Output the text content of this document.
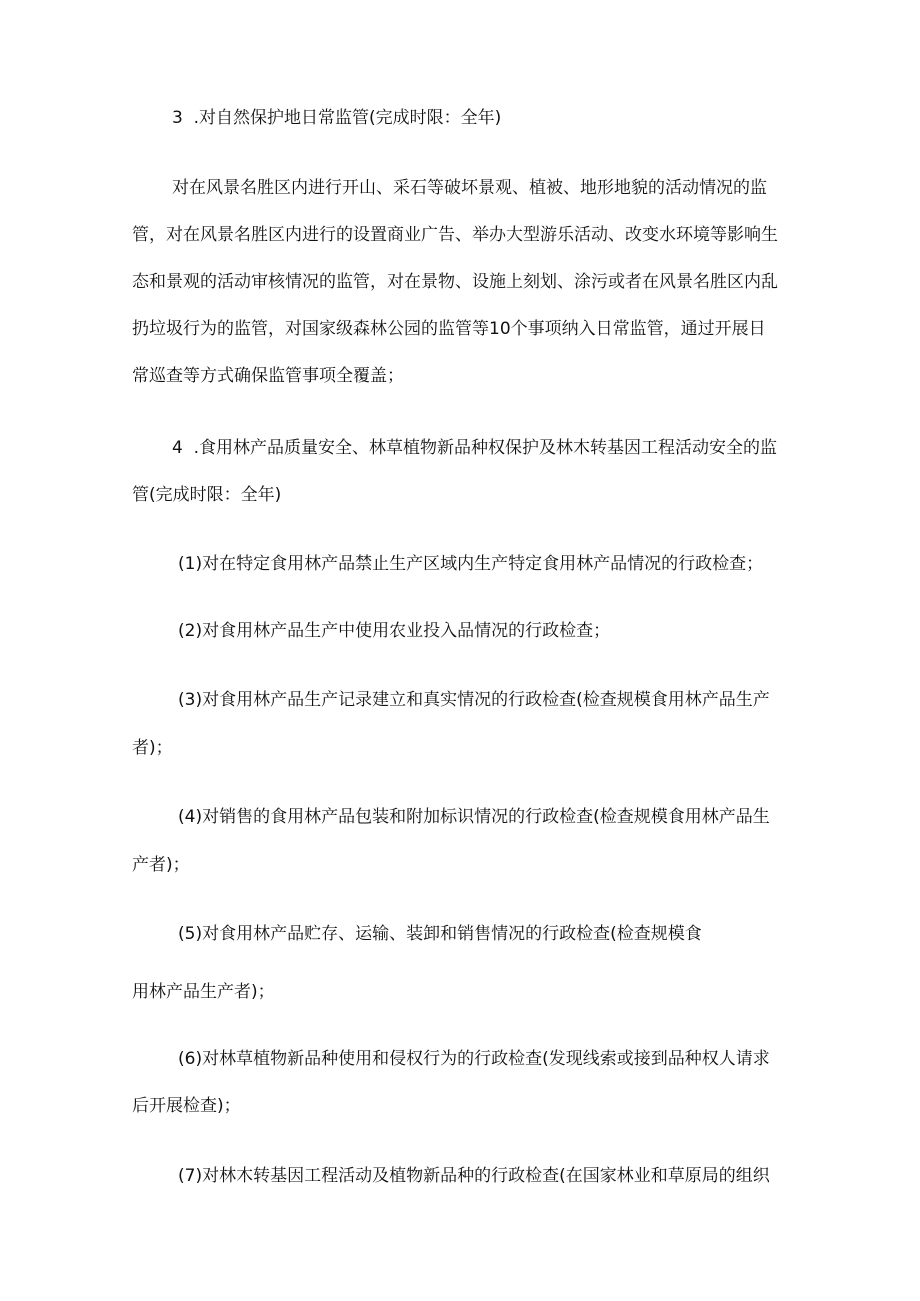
3 .对自然保护地日常监管(完成时限：全年)
对在风景名胜区内进行开山、采石等破坏景观、植被、地形地貌的活动情况的监
管，对在风景名胜区内进行的设置商业广告、举办大型游乐活动、改变水环境等影响生
态和景观的活动审核情况的监管，对在景物、设施上刻划、涂污或者在风景名胜区内乱
扔垃圾行为的监管，对国家级森林公园的监管等10个事项纳入日常监管，通过开展日
常巡查等方式确保监管事项全覆盖；
4 .食用林产品质量安全、林草植物新品种权保护及林木转基因工程活动安全的监
管(完成时限：全年)
(1)对在特定食用林产品禁止生产区域内生产特定食用林产品情况的行政检查；
(2)对食用林产品生产中使用农业投入品情况的行政检查；
(3)对食用林产品生产记录建立和真实情况的行政检查(检查规模食用林产品生产
者)；
(4)对销售的食用林产品包装和附加标识情况的行政检查(检查规模食用林产品生
产者)；
(5)对食用林产品贮存、运输、装卸和销售情况的行政检查(检查规模食
用林产品生产者)；
(6)对林草植物新品种使用和侵权行为的行政检查(发现线索或接到品种权人请求
后开展检查)；
(7)对林木转基因工程活动及植物新品种的行政检查(在国家林业和草原局的组织
